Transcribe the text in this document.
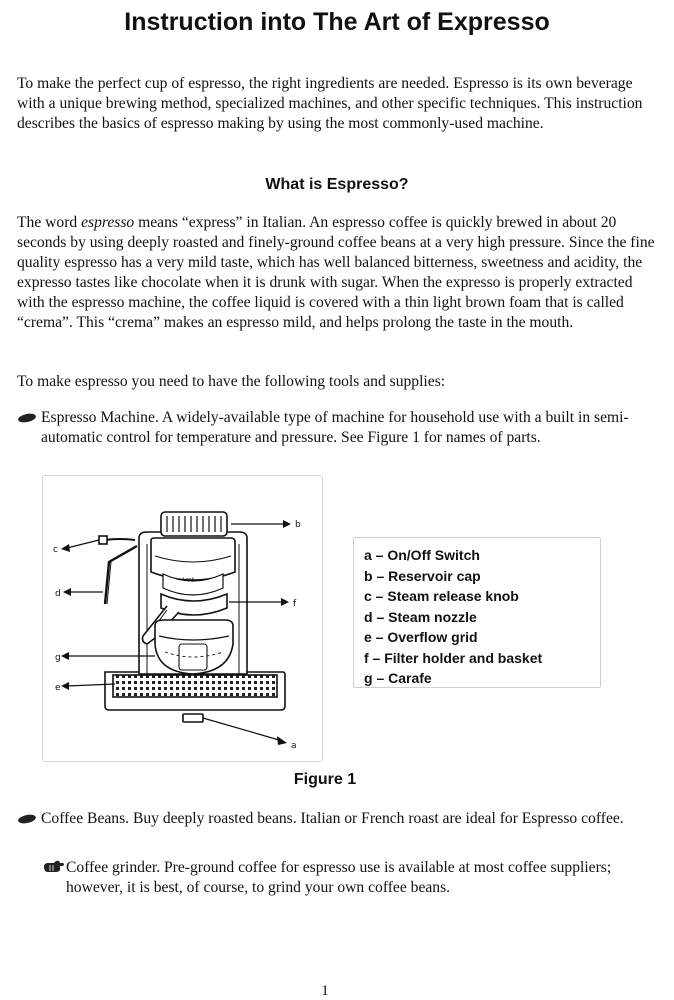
Instruction into The Art of Expresso

To make the perfect cup of espresso, the right ingredients are needed. Espresso is its own beverage with a unique brewing method, specialized machines, and other specific techniques. This instruction describes the basics of espresso making by using the most commonly-used machine.

What is Espresso?

The word espresso means “express” in Italian. An espresso coffee is quickly brewed in about 20 seconds by using deeply roasted and finely-ground coffee beans at a very high pressure. Since the fine quality espresso has a very mild taste, which has well balanced bitterness, sweetness and acidity, the expresso tastes like chocolate when it is drunk with sugar. When the expresso is properly extracted with the espresso machine, the coffee liquid is covered with a thin light brown foam that is called “crema”. This “crema” makes an espresso mild, and helps prolong the taste in the mouth.

To make espresso you need to have the following tools and supplies:

Espresso Machine. A widely-available type of machine for household use with a built in semi-automatic control for temperature and pressure. See Figure 1 for names of parts.

Lock
b
c
d
f
g
e
a
a – On/Off Switch
b – Reservoir cap
c – Steam release knob
d – Steam nozzle
e – Overflow grid
f – Filter holder and basket
g – Carafe

Figure 1

Coffee Beans. Buy deeply roasted beans. Italian or French roast are ideal for Espresso coffee.

Coffee grinder. Pre-ground coffee for espresso use is available at most coffee suppliers; however, it is best, of course, to grind your own coffee beans.

1
